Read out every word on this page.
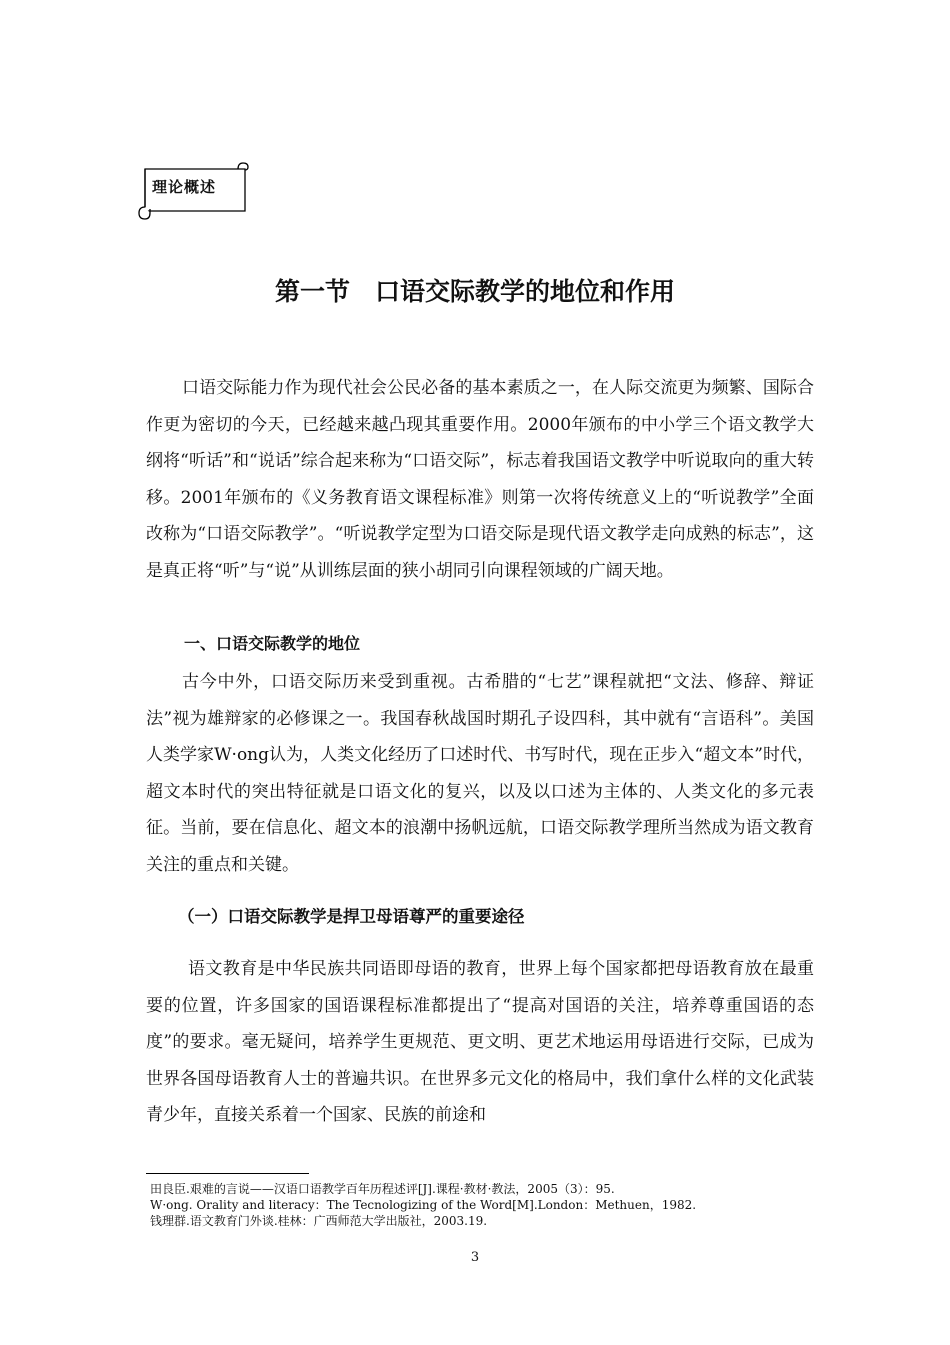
理论概述
第一节　口语交际教学的地位和作用

口语交际能力作为现代社会公民必备的基本素质之一，在人际交流更为频繁、国际合作更为密切的今天，已经越来越凸现其重要作用。2000年颁布的中小学三个语文教学大纲将“听话”和“说话”综合起来称为“口语交际”，标志着我国语文教学中听说取向的重大转移。2001年颁布的《义务教育语文课程标准》则第一次将传统意义上的“听说教学”全面改称为“口语交际教学”。“听说教学定型为口语交际是现代语文教学走向成熟的标志”，这是真正将“听”与“说”从训练层面的狭小胡同引向课程领域的广阔天地。

一、口语交际教学的地位

古今中外，口语交际历来受到重视。古希腊的“七艺”课程就把“文法、修辞、辩证法”视为雄辩家的必修课之一。我国春秋战国时期孔子设四科，其中就有“言语科”。美国人类学家W·ong认为，人类文化经历了口述时代、书写时代，现在正步入“超文本”时代，超文本时代的突出特征就是口语文化的复兴，以及以口述为主体的、人类文化的多元表征。当前，要在信息化、超文本的浪潮中扬帆远航，口语交际教学理所当然成为语文教育关注的重点和关键。

（一）口语交际教学是捍卫母语尊严的重要途径

语文教育是中华民族共同语即母语的教育，世界上每个国家都把母语教育放在最重要的位置，许多国家的国语课程标准都提出了“提高对国语的关注，培养尊重国语的态度”的要求。毫无疑问，培养学生更规范、更文明、更艺术地运用母语进行交际，已成为世界各国母语教育人士的普遍共识。在世界多元文化的格局中，我们拿什么样的文化武装青少年，直接关系着一个国家、民族的前途和

田良臣.艰难的言说——汉语口语教学百年历程述评[J].课程·教材·教法，2005（3）：95.
W·ong. Orality and literacy：The Tecnologizing of the Word[M].London：Methuen，1982.
钱理群.语文教育门外谈.桂林：广西师范大学出版社，2003.19.
3
